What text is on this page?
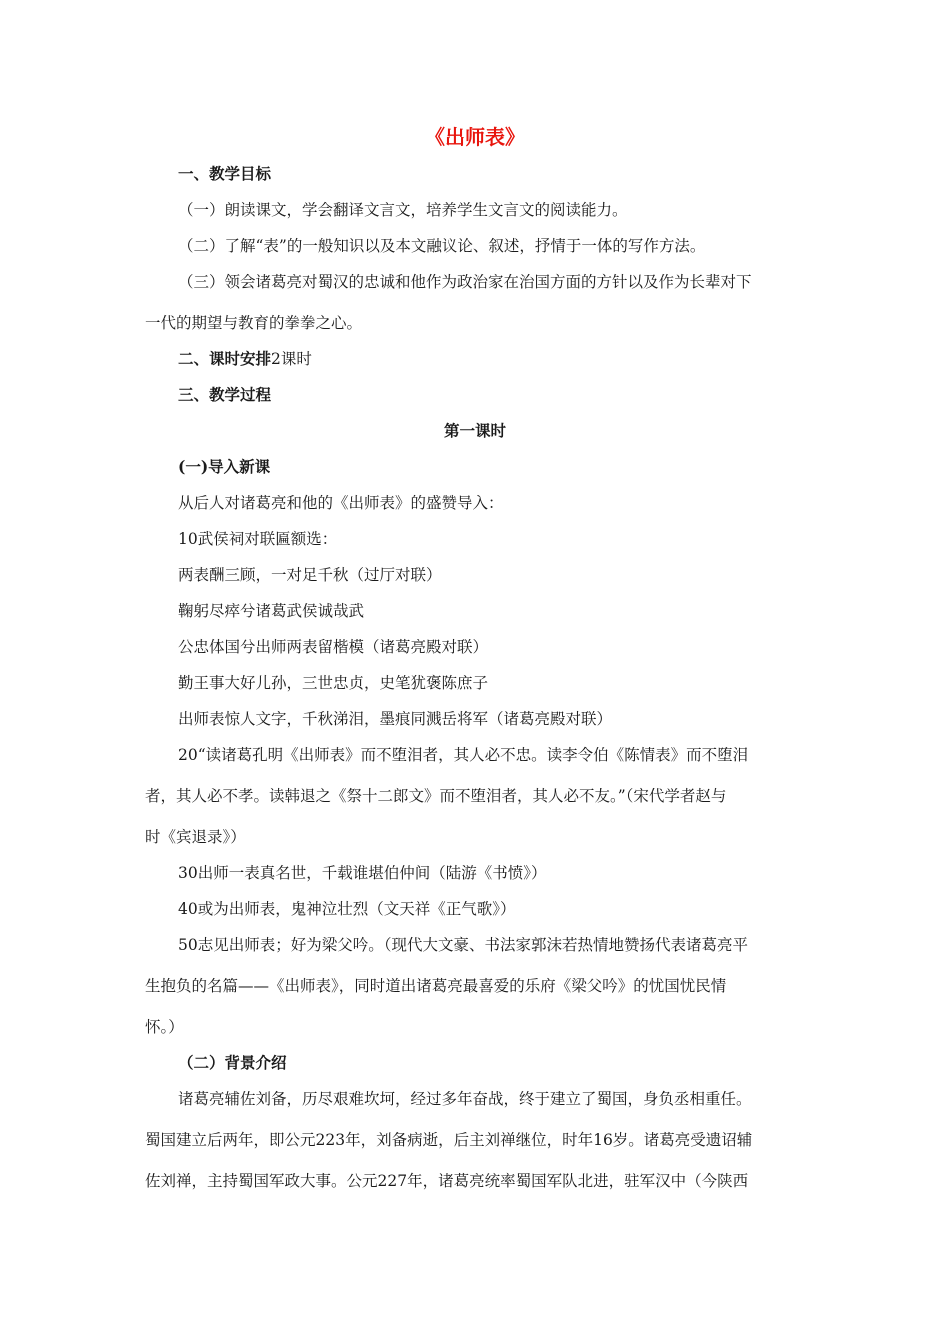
《出师表》
一、教学目标
（一）朗读课文，学会翻译文言文，培养学生文言文的阅读能力。
（二）了解“表”的一般知识以及本文融议论、叙述，抒情于一体的写作方法。
（三）领会诸葛亮对蜀汉的忠诚和他作为政治家在治国方面的方针以及作为长辈对下
一代的期望与教育的拳拳之心。
二、课时安排2课时
三、教学过程
第一课时
(一)导入新课
从后人对诸葛亮和他的《出师表》的盛赞导入：
10武侯祠对联匾额选：
两表酬三顾，一对足千秋（过厅对联）
鞠躬尽瘁兮诸葛武侯诚哉武
公忠体国兮出师两表留楷模（诸葛亮殿对联）
勤王事大好儿孙，三世忠贞，史笔犹褒陈庶子
出师表惊人文字，千秋涕泪，墨痕同溅岳将军（诸葛亮殿对联）
20“读诸葛孔明《出师表》而不堕泪者，其人必不忠。读李令伯《陈情表》而不堕泪
者，其人必不孝。读韩退之《祭十二郎文》而不堕泪者，其人必不友。”（宋代学者赵与
时《宾退录》）
30出师一表真名世，千载谁堪伯仲间（陆游《书愤》）
40或为出师表，鬼神泣壮烈（文天祥《正气歌》）
50志见出师表；好为梁父吟。（现代大文豪、书法家郭沫若热情地赞扬代表诸葛亮平
生抱负的名篇——《出师表》，同时道出诸葛亮最喜爱的乐府《梁父吟》的忧国忧民情
怀。）
（二）背景介绍
诸葛亮辅佐刘备，历尽艰难坎坷，经过多年奋战，终于建立了蜀国，身负丞相重任。
蜀国建立后两年，即公元223年，刘备病逝，后主刘禅继位，时年16岁。诸葛亮受遗诏辅
佐刘禅，主持蜀国军政大事。公元227年，诸葛亮统率蜀国军队北进，驻军汉中（今陕西
